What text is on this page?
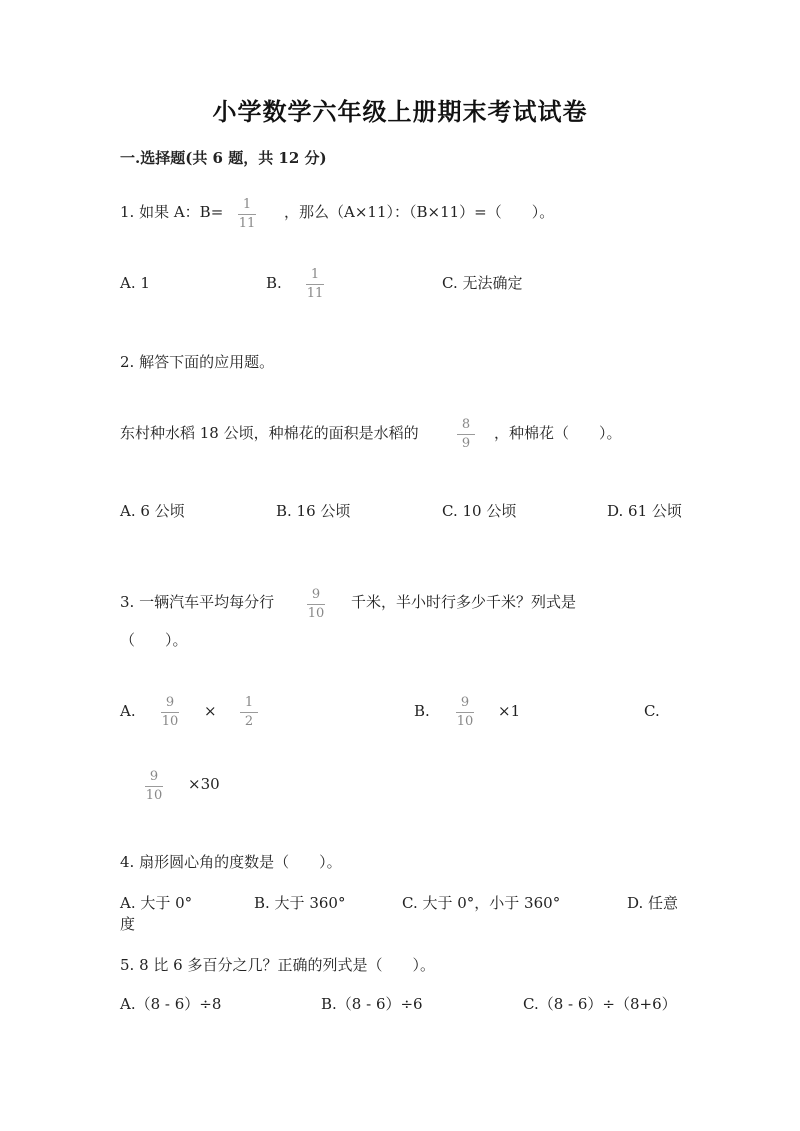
小学数学六年级上册期末考试试卷
一.选择题(共 6 题，共 12 分)
1. 如果 A：B=	1
11
，那么（A×11）：（B×11）=（　　）。
A. 1	B.	1
11
C. 无法确定
2. 解答下面的应用题。
东村种水稻 18 公顷，种棉花的面积是水稻的	8
9
，种棉花（　　）。
A. 6 公顷	B. 16 公顷	C. 10 公顷	D. 61 公顷
3. 一辆汽车平均每分行	9
10
千米，半小时行多少千米？列式是
（　　）。
A.	9
10
×	1
2
B.	9
10
×1	C.
9
10
×30
4. 扇形圆心角的度数是（　　）。
A. 大于 0°	B. 大于 360°	C. 大于 0°，小于 360°	D. 任意
度
5. 8 比 6 多百分之几？正确的列式是（　　）。
A.（8 - 6）÷8	B.（8 - 6）÷6	C.（8 - 6）÷（8+6）
